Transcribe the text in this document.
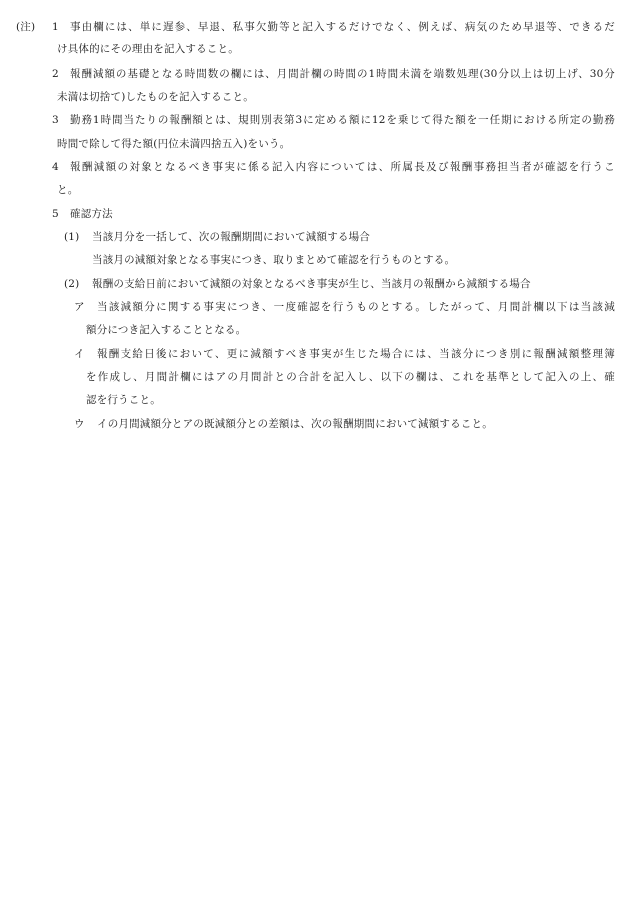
(注) 1 事由欄には、単に遅参、早退、私事欠勤等と記入するだけでなく、例えば、病気のため早退等、できるだ
け具体的にその理由を記入すること。
2 報酬減額の基礎となる時間数の欄には、月間計欄の時間の1時間未満を端数処理(30分以上は切上げ、30分
未満は切捨て)したものを記入すること。
3 勤務1時間当たりの報酬額とは、規則別表第3に定める額に12を乗じて得た額を一任期における所定の勤務
時間で除して得た額(円位未満四捨五入)をいう。
4 報酬減額の対象となるべき事実に係る記入内容については、所属長及び報酬事務担当者が確認を行うこ
と。
5 確認方法
(1) 当該月分を一括して、次の報酬期間において減額する場合
当該月の減額対象となる事実につき、取りまとめて確認を行うものとする。
(2) 報酬の支給日前において減額の対象となるべき事実が生じ、当該月の報酬から減額する場合
ア 当該減額分に関する事実につき、一度確認を行うものとする。したがって、月間計欄以下は当該減
額分につき記入することとなる。
イ 報酬支給日後において、更に減額すべき事実が生じた場合には、当該分につき別に報酬減額整理簿
を作成し、月間計欄にはアの月間計との合計を記入し、以下の欄は、これを基準として記入の上、確
認を行うこと。
ウ イの月間減額分とアの既減額分との差額は、次の報酬期間において減額すること。
